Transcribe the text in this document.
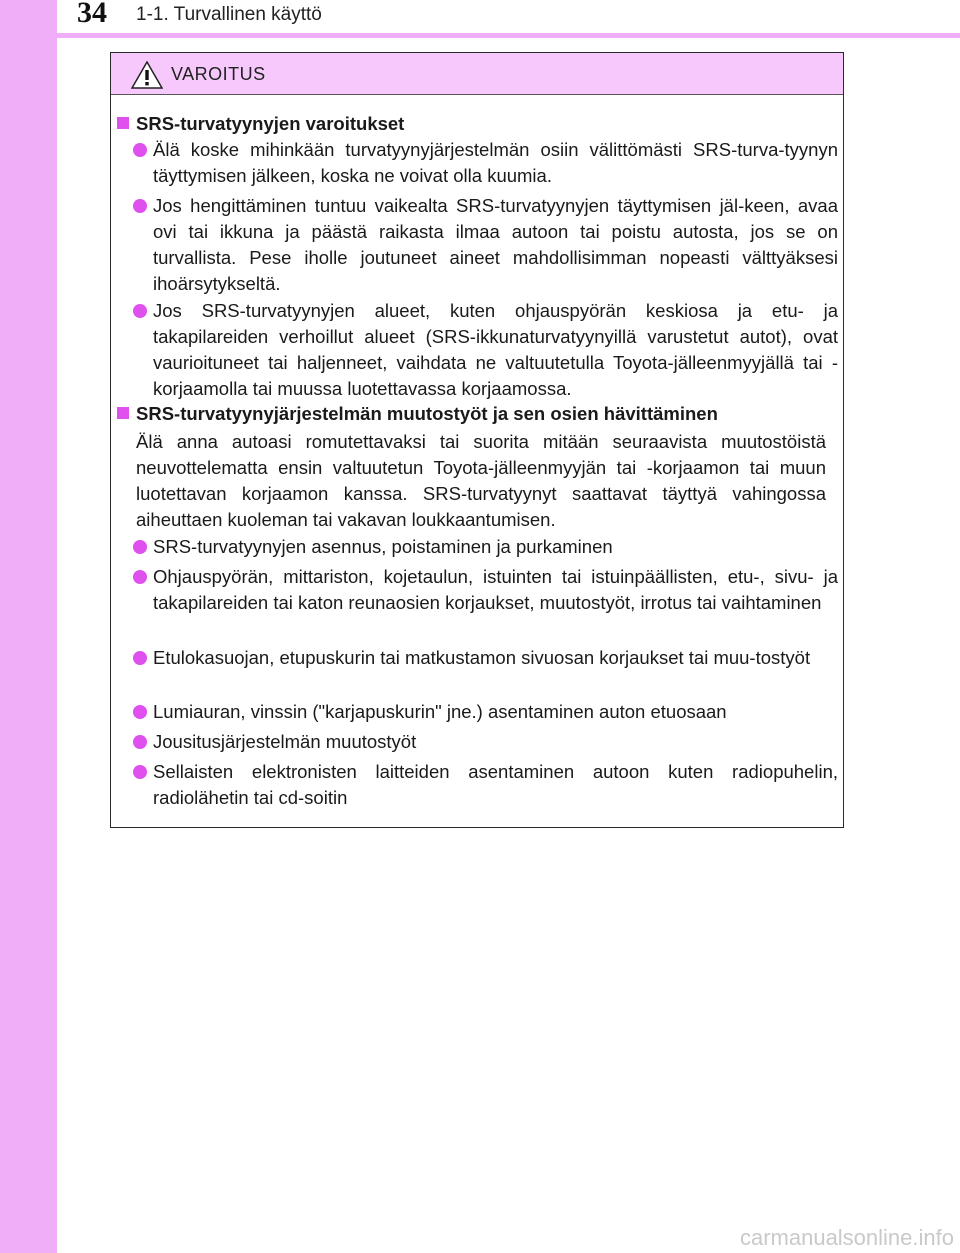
34 1-1. Turvallinen käyttö
VAROITUS
SRS-turvatyynyjen varoitukset
Älä koske mihinkään turvatyynyjärjestelmän osiin välittömästi SRS-turva-tyynyn täyttymisen jälkeen, koska ne voivat olla kuumia.
Jos hengittäminen tuntuu vaikealta SRS-turvatyynyjen täyttymisen jäl-keen, avaa ovi tai ikkuna ja päästä raikasta ilmaa autoon tai poistu autosta, jos se on turvallista. Pese iholle joutuneet aineet mahdollisimman nopeasti välttyäksesi ihoärsytykseltä.
Jos SRS-turvatyynyjen alueet, kuten ohjauspyörän keskiosa ja etu- ja takapilareiden verhoillut alueet (SRS-ikkunaturvatyynyillä varustetut autot), ovat vaurioituneet tai haljenneet, vaihdata ne valtuutetulla Toyota-jälleenmyyjällä tai -korjaamolla tai muussa luotettavassa korjaamossa.
SRS-turvatyynyjärjestelmän muutostyöt ja sen osien hävittäminen
Älä anna autoasi romutettavaksi tai suorita mitään seuraavista muutostöistä neuvottelematta ensin valtuutetun Toyota-jälleenmyyjän tai -korjaamon tai muun luotettavan korjaamon kanssa. SRS-turvatyynyt saattavat täyttyä vahingossa aiheuttaen kuoleman tai vakavan loukkaantumisen.
SRS-turvatyynyjen asennus, poistaminen ja purkaminen
Ohjauspyörän, mittariston, kojetaulun, istuinten tai istuinpäällisten, etu-, sivu- ja takapilareiden tai katon reunaosien korjaukset, muutostyöt, irrotus tai vaihtaminen
Etulokasuojan, etupuskurin tai matkustamon sivuosan korjaukset tai muu-tostyöt
Lumiauran, vinssin ("karjapuskurin" jne.) asentaminen auton etuosaan
Jousitusjärjestelmän muutostyöt
Sellaisten elektronisten laitteiden asentaminen autoon kuten radiopuhelin, radiolähetin tai cd-soitin
carmanualsonline.info
